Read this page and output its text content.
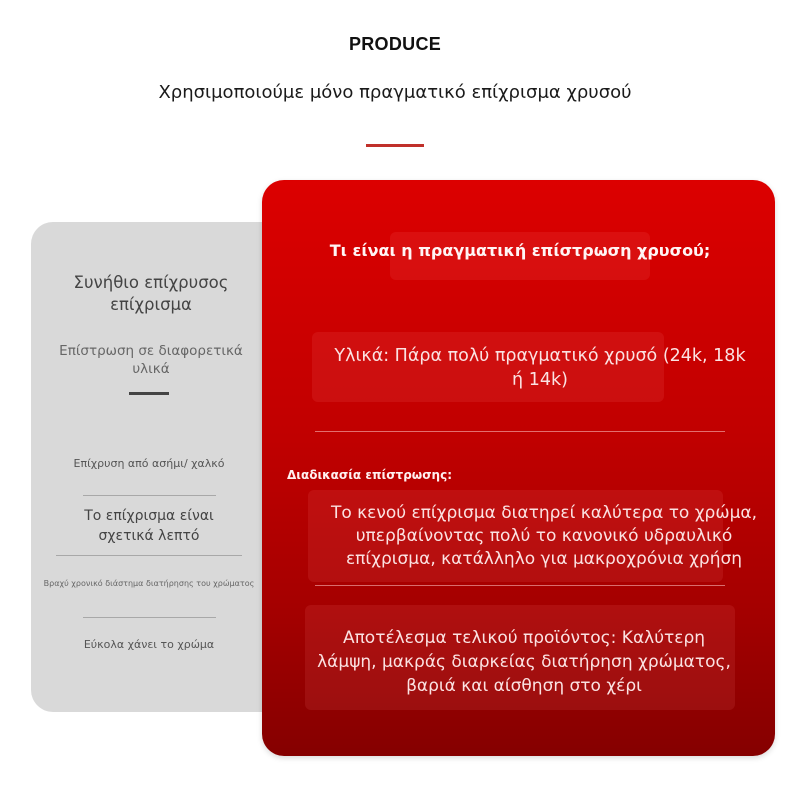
PRODUCE
Χρησιμοποιούμε μόνο πραγματικό επίχρισμα χρυσού
Συνήθιο επίχρυσος επίχρισμα
Επίστρωση σε διαφορετικά υλικά
Επίχρυση από ασήμι/ χαλκό
Το επίχρισμα είναι σχετικά λεπτό
Βραχύ χρονικό διάστημα διατήρησης του χρώματος
Εύκολα χάνει το χρώμα
Τι είναι η πραγματική επίστρωση χρυσού;
Υλικά: Πάρα πολύ πραγματικό χρυσό (24k, 18k ή 14k)
Διαδικασία επίστρωσης:
Το κενού επίχρισμα διατηρεί καλύτερα το χρώμα, υπερβαίνοντας πολύ το κανονικό υδραυλικό επίχρισμα, κατάλληλο για μακροχρόνια χρήση
Αποτέλεσμα τελικού προϊόντος: Καλύτερη λάμψη, μακράς διαρκείας διατήρηση χρώματος, βαριά και αίσθηση στο χέρι
